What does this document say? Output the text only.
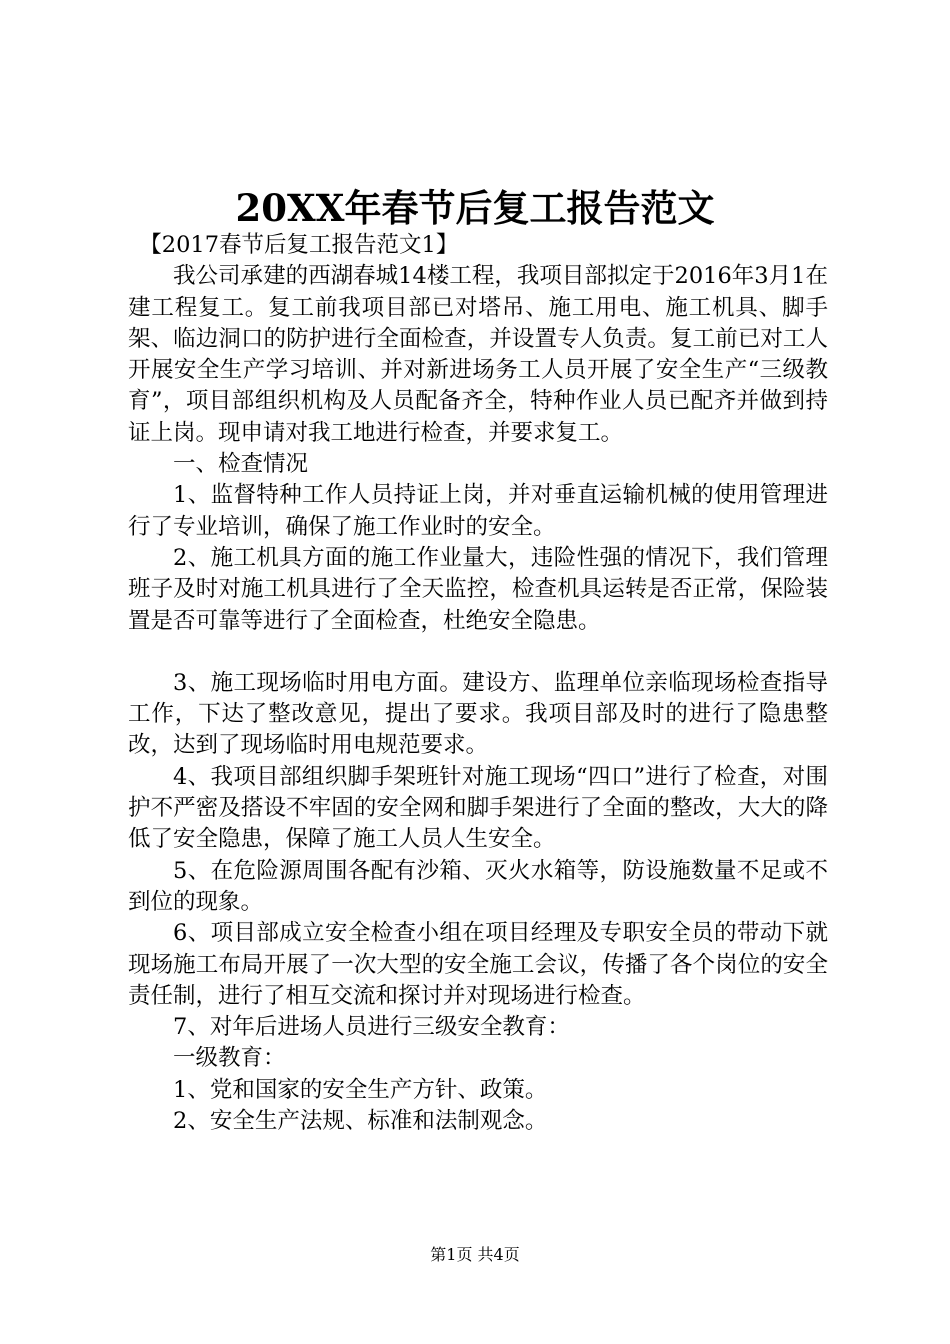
20XX年春节后复工报告范文

【2017春节后复工报告范文1】

我公司承建的西湖春城14楼工程，我项目部拟定于2016年3月1在建工程复工。复工前我项目部已对塔吊、施工用电、施工机具、脚手架、临边洞口的防护进行全面检查，并设置专人负责。复工前已对工人开展安全生产学习培训、并对新进场务工人员开展了安全生产“三级教育”，项目部组织机构及人员配备齐全，特种作业人员已配齐并做到持证上岗。现申请对我工地进行检查，并要求复工。

一、检查情况

1、监督特种工作人员持证上岗，并对垂直运输机械的使用管理进行了专业培训，确保了施工作业时的安全。

2、施工机具方面的施工作业量大，违险性强的情况下，我们管理班子及时对施工机具进行了全天监控，检查机具运转是否正常，保险装置是否可靠等进行了全面检查，杜绝安全隐患。

3、施工现场临时用电方面。建设方、监理单位亲临现场检查指导工作，下达了整改意见，提出了要求。我项目部及时的进行了隐患整改，达到了现场临时用电规范要求。

4、我项目部组织脚手架班针对施工现场“四口”进行了检查，对围护不严密及搭设不牢固的安全网和脚手架进行了全面的整改，大大的降低了安全隐患，保障了施工人员人生安全。

5、在危险源周围各配有沙箱、灭火水箱等，防设施数量不足或不到位的现象。

6、项目部成立安全检查小组在项目经理及专职安全员的带动下就现场施工布局开展了一次大型的安全施工会议，传播了各个岗位的安全责任制，进行了相互交流和探讨并对现场进行检查。

7、对年后进场人员进行三级安全教育：

一级教育：

1、党和国家的安全生产方针、政策。

2、安全生产法规、标准和法制观念。

第1页 共4页
